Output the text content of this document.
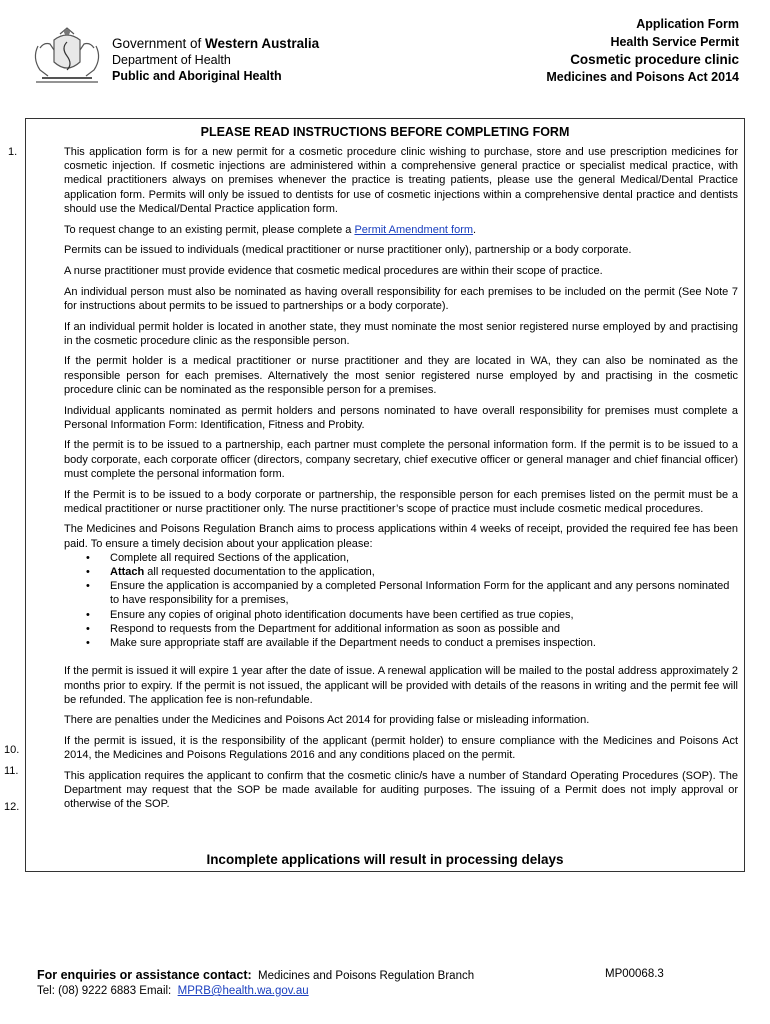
Government of Western Australia
Department of Health
Public and Aboriginal Health
Application Form
Health Service Permit
Cosmetic procedure clinic
Medicines and Poisons Act 2014
1.
10.
11.
12.
PLEASE READ INSTRUCTIONS BEFORE COMPLETING FORM

This application form is for a new permit for a cosmetic procedure clinic wishing to purchase, store and use prescription medicines for cosmetic injection. If cosmetic injections are administered within a comprehensive general practice or specialist medical practice, with medical practitioners always on premises whenever the practice is treating patients, please use the general Medical/Dental Practice application form. Permits will only be issued to dentists for use of cosmetic injections within a comprehensive dental practice and dentists should use the Medical/Dental Practice application form.

To request change to an existing permit, please complete a Permit Amendment form.

Permits can be issued to individuals (medical practitioner or nurse practitioner only), partnership or a body corporate.

A nurse practitioner must provide evidence that cosmetic medical procedures are within their scope of practice.

An individual person must also be nominated as having overall responsibility for each premises to be included on the permit (See Note 7 for instructions about permits to be issued to partnerships or a body corporate).

If an individual permit holder is located in another state, they must nominate the most senior registered nurse employed by and practising in the cosmetic procedure clinic as the responsible person.

If the permit holder is a medical practitioner or nurse practitioner and they are located in WA, they can also be nominated as the responsible person for each premises. Alternatively the most senior registered nurse employed by and practising in the cosmetic procedure clinic can be nominated as the responsible person for a premises.

Individual applicants nominated as permit holders and persons nominated to have overall responsibility for premises must complete a Personal Information Form: Identification, Fitness and Probity.

If the permit is to be issued to a partnership, each partner must complete the personal information form. If the permit is to be issued to a body corporate, each corporate officer (directors, company secretary, chief executive officer or general manager and chief financial officer) must complete the personal information form.

If the Permit is to be issued to a body corporate or partnership, the responsible person for each premises listed on the permit must be a medical practitioner or nurse practitioner only. The nurse practitioner’s scope of practice must include cosmetic medical procedures.

The Medicines and Poisons Regulation Branch aims to process applications within 4 weeks of receipt, provided the required fee has been paid. To ensure a timely decision about your application please:

• Complete all required Sections of the application,
• Attach all requested documentation to the application,
• Ensure the application is accompanied by a completed Personal Information Form for the applicant and any persons nominated to have responsibility for a premises,
• Ensure any copies of original photo identification documents have been certified as true copies,
• Respond to requests from the Department for additional information as soon as possible and
• Make sure appropriate staff are available if the Department needs to conduct a premises inspection.

If the permit is issued it will expire 1 year after the date of issue. A renewal application will be mailed to the postal address approximately 2 months prior to expiry. If the permit is not issued, the applicant will be provided with details of the reasons in writing and the permit fee will be refunded. The application fee is non-refundable.

There are penalties under the Medicines and Poisons Act 2014 for providing false or misleading information.

If the permit is issued, it is the responsibility of the applicant (permit holder) to ensure compliance with the Medicines and Poisons Act 2014, the Medicines and Poisons Regulations 2016 and any conditions placed on the permit.

This application requires the applicant to confirm that the cosmetic clinic/s have a number of Standard Operating Procedures (SOP). The Department may request that the SOP be made available for auditing purposes. The issuing of a Permit does not imply approval or otherwise of the SOP.

Incomplete applications will result in processing delays
For enquiries or assistance contact: Medicines and Poisons Regulation Branch
Tel: (08) 9222 6883 Email: MPRB@health.wa.gov.au
MP00068.3
